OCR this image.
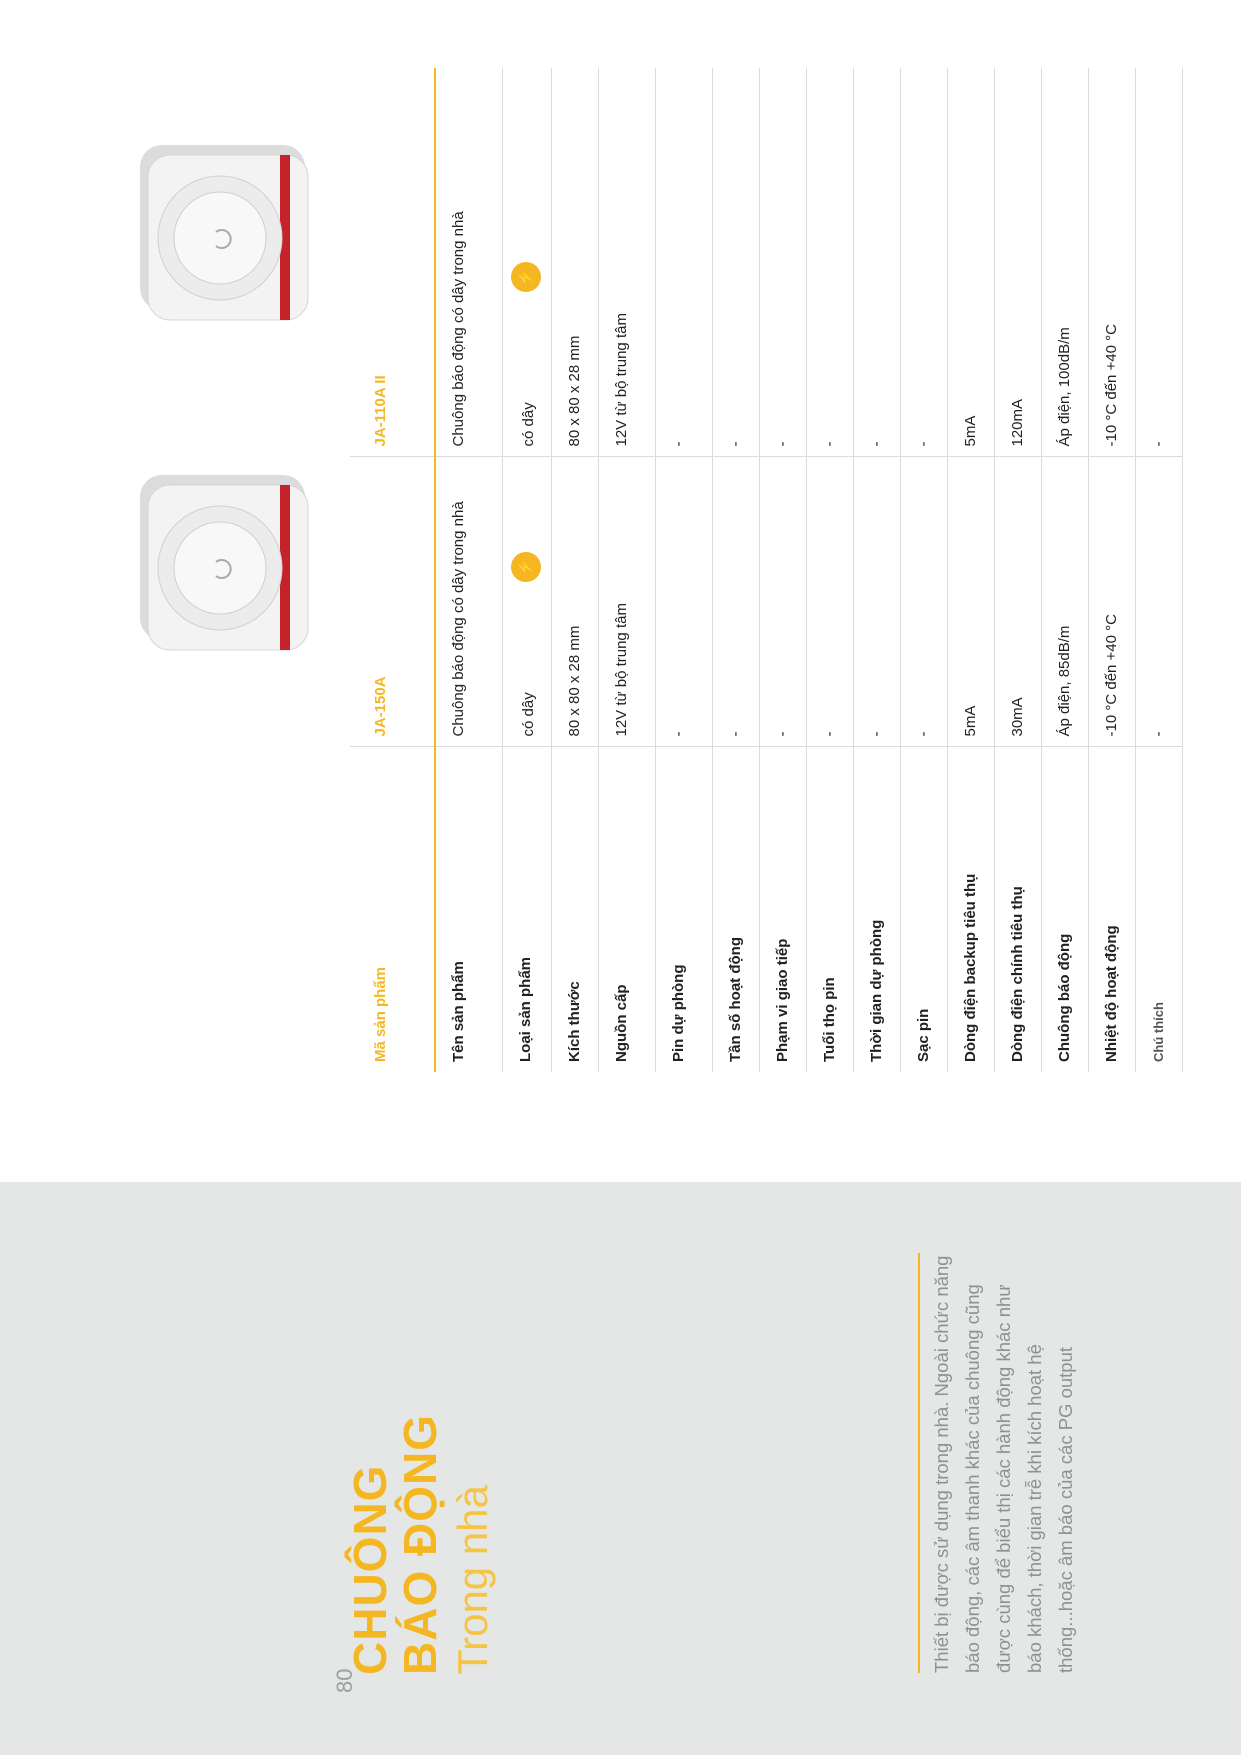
80
CHUÔNG
BÁO ĐỘNG Trong nhà	Thiết bị được sử dụng trong nhà. Ngoài chức năng báo động, các âm thanh khác của chuông cũng được cùng để biểu thị các hành động khác như báo khách, thời gian trễ khi kích hoạt hệ thống...hoặc âm báo của các PG output
Mã sản phẩm	JA-150A	JA-110A II
Tên sản phẩm	Chuông báo động có dây trong nhà	Chuông báo động có dây trong nhà
Loại sản phẩm	có dây⚡	có dây⚡
Kích thước	80 x 80 x 28 mm	80 x 80 x 28 mm
Nguồn cấp	12V từ bộ trung tâm	12V từ bộ trung tâm
Pin dự phòng	-	-
Tần số hoạt động	-	-
Phạm vi giao tiếp	-	-
Tuổi thọ pin	-	-
Thời gian dự phòng	-	-
Sạc pin	-	-
Dòng điện backup tiêu thụ	5mA	5mA
Dòng điện chính tiêu thụ	30mA	120mA
Chuông báo động	Áp điện, 85dB/m	Áp điện, 100dB/m
Nhiệt độ hoạt động	-10 °C đến +40 °C	-10 °C đến +40 °C
Chú thích	-	-
